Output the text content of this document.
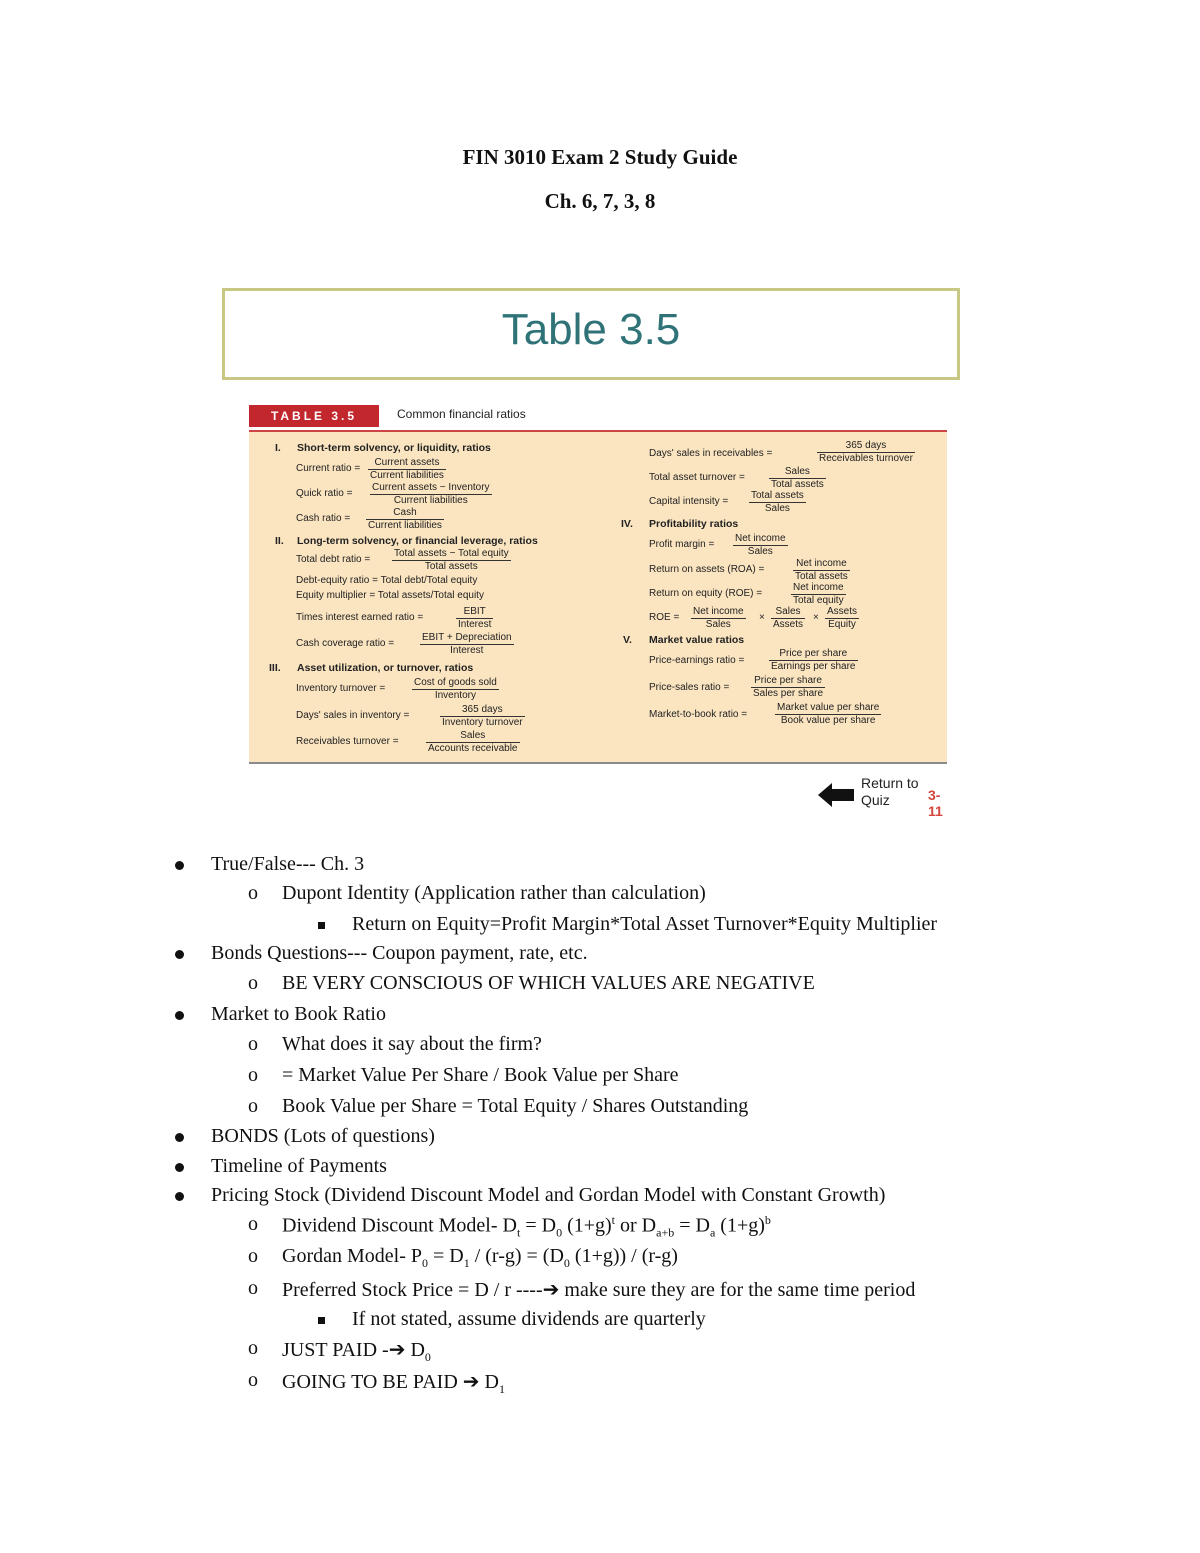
FIN 3010 Exam 2 Study Guide
Ch. 6, 7, 3, 8
Table 3.5
TABLE 3.5	Common financial ratios
I. Short-term solvency, or liquidity, ratios
Current ratio =
Current assets
Current liabilities
Quick ratio =
Current assets − Inventory
Current liabilities
Cash ratio =
Cash
Current liabilities
II. Long-term solvency, or financial leverage, ratios
Total debt ratio =
Total assets − Total equity
Total assets
Debt-equity ratio = Total debt/Total equity
Equity multiplier = Total assets/Total equity
Times interest earned ratio =
EBIT
Interest
Cash coverage ratio =
EBIT + Depreciation
Interest
III. Asset utilization, or turnover, ratios
Inventory turnover =
Cost of goods sold
Inventory
Days' sales in inventory =
365 days
Inventory turnover
Receivables turnover =
Sales
Accounts receivable
Days' sales in receivables =
365 days
Receivables turnover
Total asset turnover =
Sales
Total assets
Capital intensity =
Total assets
Sales
IV. Profitability ratios
Profit margin =
Net income
Sales
Return on assets (ROA) =
Net income
Total assets
Return on equity (ROE) =
Net income
Total equity
ROE =
Net income
Sales
×
Sales
Assets
×
Assets
Equity
V. Market value ratios
Price-earnings ratio =
Price per share
Earnings per share
Price-sales ratio =
Price per share
Sales per share
Market-to-book ratio =
Market value per share
Book value per share
Return to Quiz	3-11
True/False--- Ch. 3
o Dupont Identity (Application rather than calculation)
Return on Equity=Profit Margin*Total Asset Turnover*Equity Multiplier
Bonds Questions--- Coupon payment, rate, etc.
o BE VERY CONSCIOUS OF WHICH VALUES ARE NEGATIVE
Market to Book Ratio
o What does it say about the firm?
o = Market Value Per Share / Book Value per Share
o Book Value per Share = Total Equity / Shares Outstanding
BONDS (Lots of questions)
Timeline of Payments
Pricing Stock (Dividend Discount Model and Gordan Model with Constant Growth)
o Dividend Discount Model- $D_t = D_0$ $(1+g)^t$ or $D_{a+b} = D_a$ $(1+g)^b$
o Gordan Model- $P_0 = D_1 / (r-g) = (D_0$ (1+g)) / (r-g)
o Preferred Stock Price = D / r ----➔ make sure they are for the same time period
If not stated, assume dividends are quarterly
o JUST PAID -➔ $D_0$
o GOING TO BE PAID ➔ $D_1$
